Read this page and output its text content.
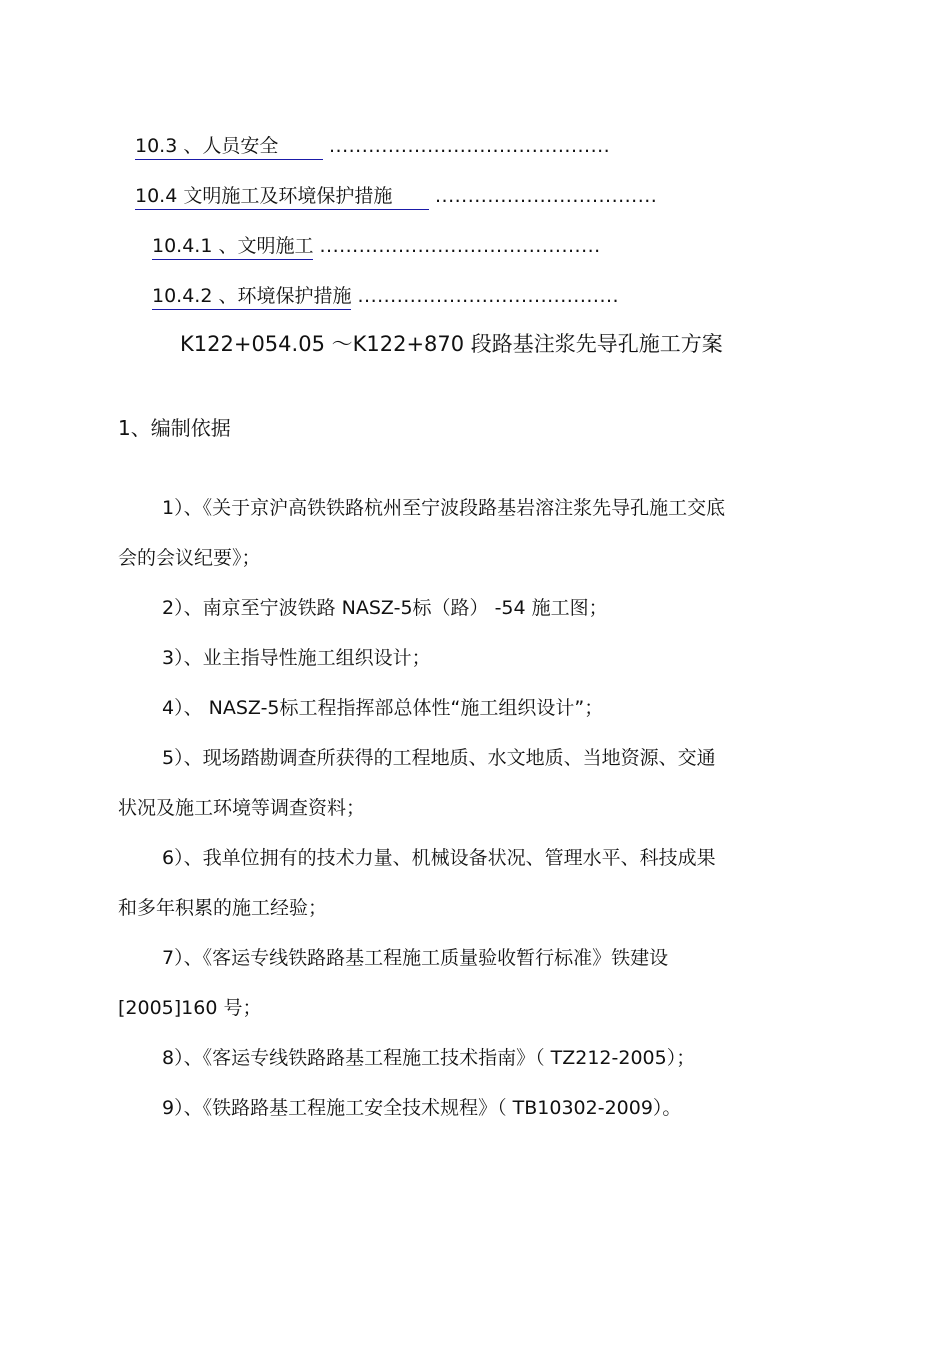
10.3 、人员安全	...........................................
10.4 文明施工及环境保护措施 ..................................
10.4.1 、文明施工 ...........................................
10.4.2 、环境保护措施 ........................................
K122+054.05 ～K122+870 段路基注浆先导孔施工方案
1、编制依据
1）、《关于京沪高铁铁路杭州至宁波段路基岩溶注浆先导孔施工交底
会的会议纪要》；
2）、南京至宁波铁路 NASZ-5标（路） -54 施工图；
3）、业主指导性施工组织设计；
4）、 NASZ-5标工程指挥部总体性“施工组织设计”；
5）、现场踏勘调查所获得的工程地质、水文地质、当地资源、交通
状况及施工环境等调查资料；
6）、我单位拥有的技术力量、机械设备状况、管理水平、科技成果
和多年积累的施工经验；
7）、《客运专线铁路路基工程施工质量验收暂行标准》铁建设
[2005]160 号；
8）、《客运专线铁路路基工程施工技术指南》（ TZ212-2005）；
9）、《铁路路基工程施工安全技术规程》（ TB10302-2009）。
